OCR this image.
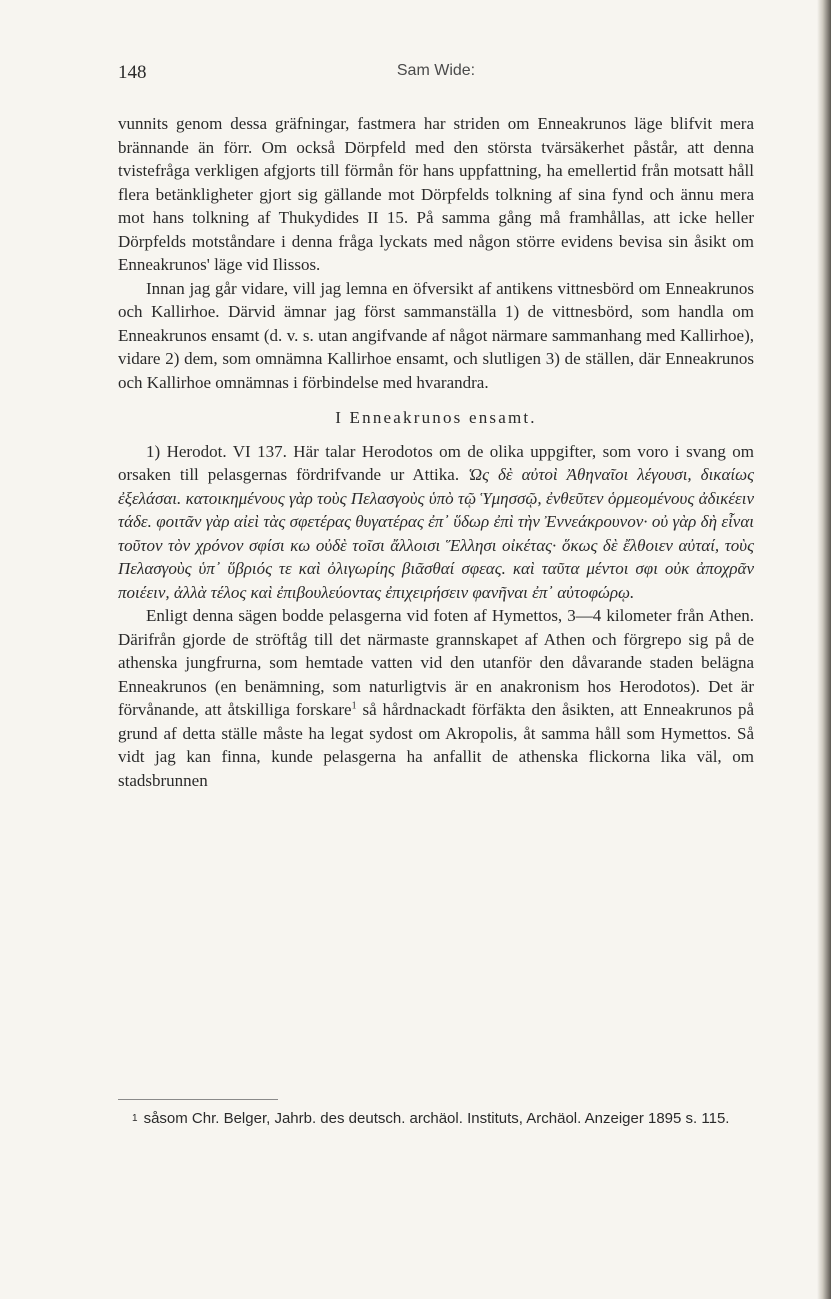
148	Sam Wide:

vunnits genom dessa gräfningar, fastmera har striden om Enneakrunos läge blifvit mera brännande än förr. Om också Dörpfeld med den största tvärsäkerhet påstår, att denna tvistefråga verkligen afgjorts till förmån för hans uppfattning, ha emellertid från motsatt håll flera betänkligheter gjort sig gällande mot Dörpfelds tolkning af sina fynd och ännu mera mot hans tolkning af Thukydides II 15. På samma gång må framhållas, att icke heller Dörpfelds motståndare i denna fråga lyckats med någon större evidens bevisa sin åsikt om Enneakrunos' läge vid Ilissos.

Innan jag går vidare, vill jag lemna en öfversikt af antikens vittnesbörd om Enneakrunos och Kallirhoe. Därvid ämnar jag först sammanställa 1) de vittnesbörd, som handla om Enneakrunos ensamt (d. v. s. utan angifvande af något närmare sammanhang med Kallirhoe), vidare 2) dem, som omnämna Kallirhoe ensamt, och slutligen 3) de ställen, där Enneakrunos och Kallirhoe omnämnas i förbindelse med hvarandra.

I Enneakrunos ensamt.

1) Herodot. VI 137. Här talar Herodotos om de olika uppgifter, som voro i svang om orsaken till pelasgernas fördrifvande ur Attika. Ὡς δὲ αὐτοὶ Ἀθηναῖοι λέγουσι, δικαίως ἐξελάσαι. κατοικημένους γὰρ τοὺς Πελασγοὺς ὑπὸ τῷ Ὑμησσῷ, ἐνθεῦτεν ὁρμεομένους ἀδικέειν τάδε. φοιτᾶν γὰρ αἰεὶ τὰς σφετέρας θυγατέρας ἐπ᾿ ὕδωρ ἐπὶ τὴν Ἐννεάκρουνον· οὐ γὰρ δὴ εἶναι τοῦτον τὸν χρόνον σφίσι κω οὐδὲ τοῖσι ἄλλοισι Ἕλλησι οἰκέτας· ὅκως δὲ ἔλθοιεν αὐταί, τοὺς Πελασγοὺς ὑπ᾿ ὕβριός τε καὶ ὀλιγωρίης βιᾶσθαί σφεας. καὶ ταῦτα μέντοι σφι οὐκ ἀποχρᾶν ποιέειν, ἀλλὰ τέλος καὶ ἐπιβουλεύοντας ἐπιχειρήσειν φανῆναι ἐπ᾿ αὐτοφώρῳ.

Enligt denna sägen bodde pelasgerna vid foten af Hymettos, 3—4 kilometer från Athen. Därifrån gjorde de ströftåg till det närmaste grannskapet af Athen och förgrepo sig på de athenska jungfrurna, som hemtade vatten vid den utanför den dåvarande staden belägna Enneakrunos (en benämning, som naturligtvis är en anakronism hos Herodotos). Det är förvånande, att åtskilliga forskare$^1$ så hårdnackadt förfäkta den åsikten, att Enneakrunos på grund af detta ställe måste ha legat sydost om Akropolis, åt samma håll som Hymettos. Så vidt jag kan finna, kunde pelasgerna ha anfallit de athenska flickorna lika väl, om stadsbrunnen

$^1$ såsom Chr. Belger, Jahrb. des deutsch. archäol. Instituts, Archäol. Anzeiger 1895 s. 115.
